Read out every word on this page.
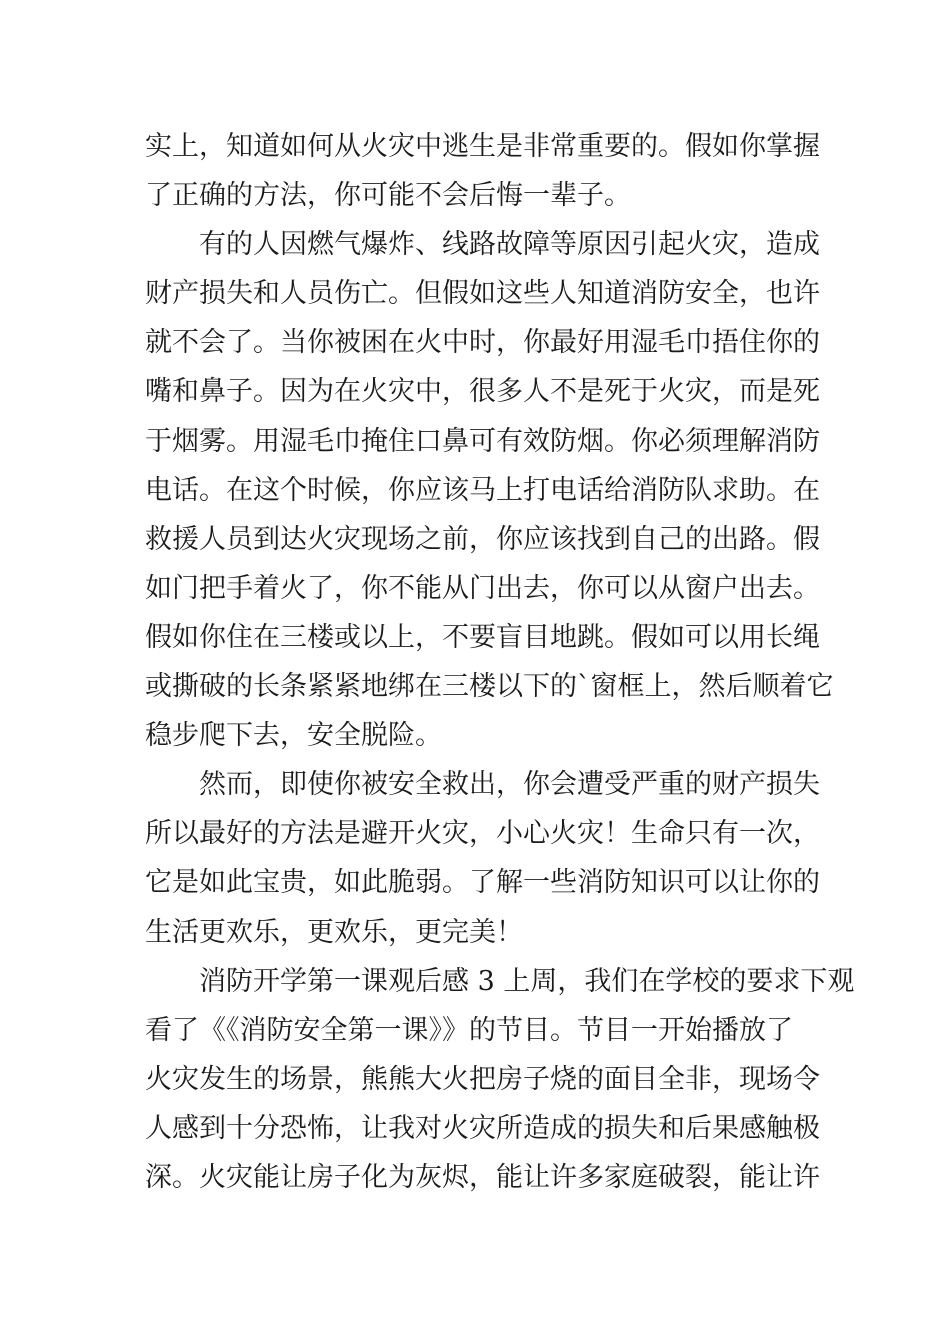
实上，知道如何从火灾中逃生是非常重要的。假如你掌握
了正确的方法，你可能不会后悔一辈子。
有的人因燃气爆炸、线路故障等原因引起火灾，造成
财产损失和人员伤亡。但假如这些人知道消防安全，也许
就不会了。当你被困在火中时，你最好用湿毛巾捂住你的
嘴和鼻子。因为在火灾中，很多人不是死于火灾，而是死
于烟雾。用湿毛巾掩住口鼻可有效防烟。你必须理解消防
电话。在这个时候，你应该马上打电话给消防队求助。在
救援人员到达火灾现场之前，你应该找到自己的出路。假
如门把手着火了，你不能从门出去，你可以从窗户出去。
假如你住在三楼或以上，不要盲目地跳。假如可以用长绳
或撕破的长条紧紧地绑在三楼以下的`窗框上，然后顺着它
稳步爬下去，安全脱险。
然而，即使你被安全救出，你会遭受严重的财产损失
所以最好的方法是避开火灾，小心火灾！生命只有一次，
它是如此宝贵，如此脆弱。了解一些消防知识可以让你的
生活更欢乐，更欢乐，更完美！
消防开学第一课观后感 3 上周，我们在学校的要求下观
看了《《消防安全第一课》》的节目。节目一开始播放了
火灾发生的场景，熊熊大火把房子烧的面目全非，现场令
人感到十分恐怖，让我对火灾所造成的损失和后果感触极
深。火灾能让房子化为灰烬，能让许多家庭破裂，能让许
